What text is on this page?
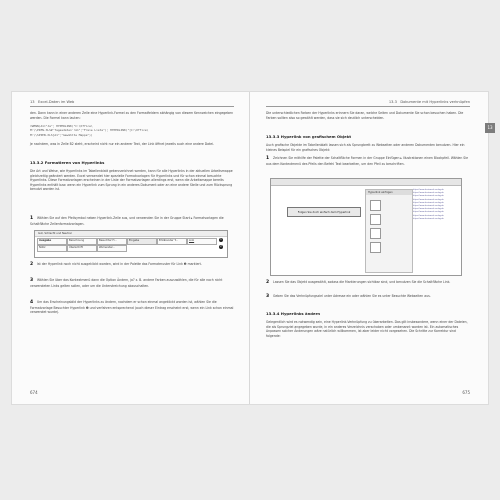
13 Excel-Daten im Web

den. Dann kann in einer anderen Zelle eine Hyperlink-Formel zu den Formatfeldern abhängig von diesem Kennzeichen eingegeben werden. Die Formel kann lauten:

=WENN(A1="Ja"; HYPERLINK("C:\Office\
M:\\PIEN.XLS#'Tagesdaten'!A1";"Freie Liste"); HYPERLINK("[C:\Office\
M:\\SPIEN.XLS]A1";"Gewählte Mappe"))

Je nachdem, was in Zelle B2 steht, erscheint nicht nur ein anderer Text, der Link öffnet jeweils auch eine andere Datei.

13.3.2 Formatieren von Hyperlinks

Die Art und Weise, wie Hyperlinks im Tabellenblatt gekennzeichnet werden, kann für alle Hyperlinks in der aktuellen Arbeitsmappe gleichzeitig geändert werden. Excel verwendet hier spezielle Formatvorlagen für Hyperlinks und für schon einmal besuchte Hyperlinks. Diese Formatvorlagen erscheinen in der Liste der Formatvorlagen allerdings erst, wenn die Arbeitsmappe bereits Hyperlinks enthält bzw. wenn ein Hyperlink zum Sprung in ein anderes Dokument oder an eine andere Stelle und zum Rücksprung benutzt worden ist.

1 Wählen Sie auf den Pfeilsymbol neben Hyperlink-Zelle aus, und verwenden Sie in der Gruppe Start ▸ Formatvorlagen die Schaltfläche Zellenformatvorlagen.
Gut, Schlecht und Neutral
Ausgabe	Berechnung	Besuchter H...	Eingabe	Erklärender T...	Link
Notiz	Überschrift	Warnender...
1
2
2 Ist der Hyperlink noch nicht ausgeklickt worden, wird in der Palette das Formatmuster für Link ❶ markiert.
3 Wählen Sie über das Kontextmenü dann die Option Ändern, ja? z. B. andere Farben auszuwählen, die für alle noch nicht verwendeten Links gelten sollen, oder um die Unterstreichung abzuschalten.
4 Um das Erscheinungsbild der Hyperlinks zu ändern, nachdem er schon einmal angeklickt worden ist, wählen Sie die Formatvorlage Besuchter Hyperlink ❷ und verfahren entsprechend (auch dieser Eintrag erscheint erst, wenn ein Link schon einmal verwendet wurde).
674
13.3 Dokumente mit Hyperlinks verknüpfen
13

Die unterschiedlichen Farben der Hyperlinks erinnern Sie daran, welche Seiten und Dokumente Sie schon besuchen haben. Die Farben sollten also so gewählt werden, dass sie sich deutlich unterscheiden.

13.3.3 Hyperlink von grafischem Objekt

Auch grafische Objekte im Tabellenblatt lassen sich als Sprungbrett zu Webseiten oder anderen Dokumenten benutzen. Hier ein kleines Beispiel für ein grafisches Objekt:

1 Zeichnen Sie mithilfe der Palette der Schaltfläche Formen in der Gruppe Einfügen ▸ Illustrationen einen Blockpfeil. Wählen Sie aus dem Kontextmenü des Pfeils den Befehl Text bearbeiten, um den Pfeil zu beschriften.
Folgen Sie doch einfach dem Hyperlink
Hyperlink einfügen
https://www.rheinwerk-verlag.de
https://www.rheinwerk-verlag.de
https://www.rheinwerk-verlag.de
https://www.rheinwerk-verlag.de
https://www.rheinwerk-verlag.de
https://www.rheinwerk-verlag.de
https://www.rheinwerk-verlag.de
https://www.rheinwerk-verlag.de
https://www.rheinwerk-verlag.de
https://www.rheinwerk-verlag.de
2 Lassen Sie das Objekt ausgewählt, sodass die Markierungen sichtbar sind, und benutzen Sie die Schaltfläche Link.
3 Geben Sie das Verknüpfungsziel unter Adresse ein oder wählen Sie es unter Besuchte Webseiten aus.
13.3.4 Hyperlinks ändern

Gelegentlich wird es notwendig sein, eine Hyperlink-Verknüpfung zu überarbeiten. Das gilt insbesondere, wenn einer der Dateien, die als Sprungziel angegeben wurde, in ein anderes Verzeichnis verschoben oder umbenannt worden ist. Ein automatisches Anpassen solcher Änderungen wäre natürlich willkommen, ist aber leider nicht vorgesehen. Die Schritte zur Korrektur sind folgende:

675
